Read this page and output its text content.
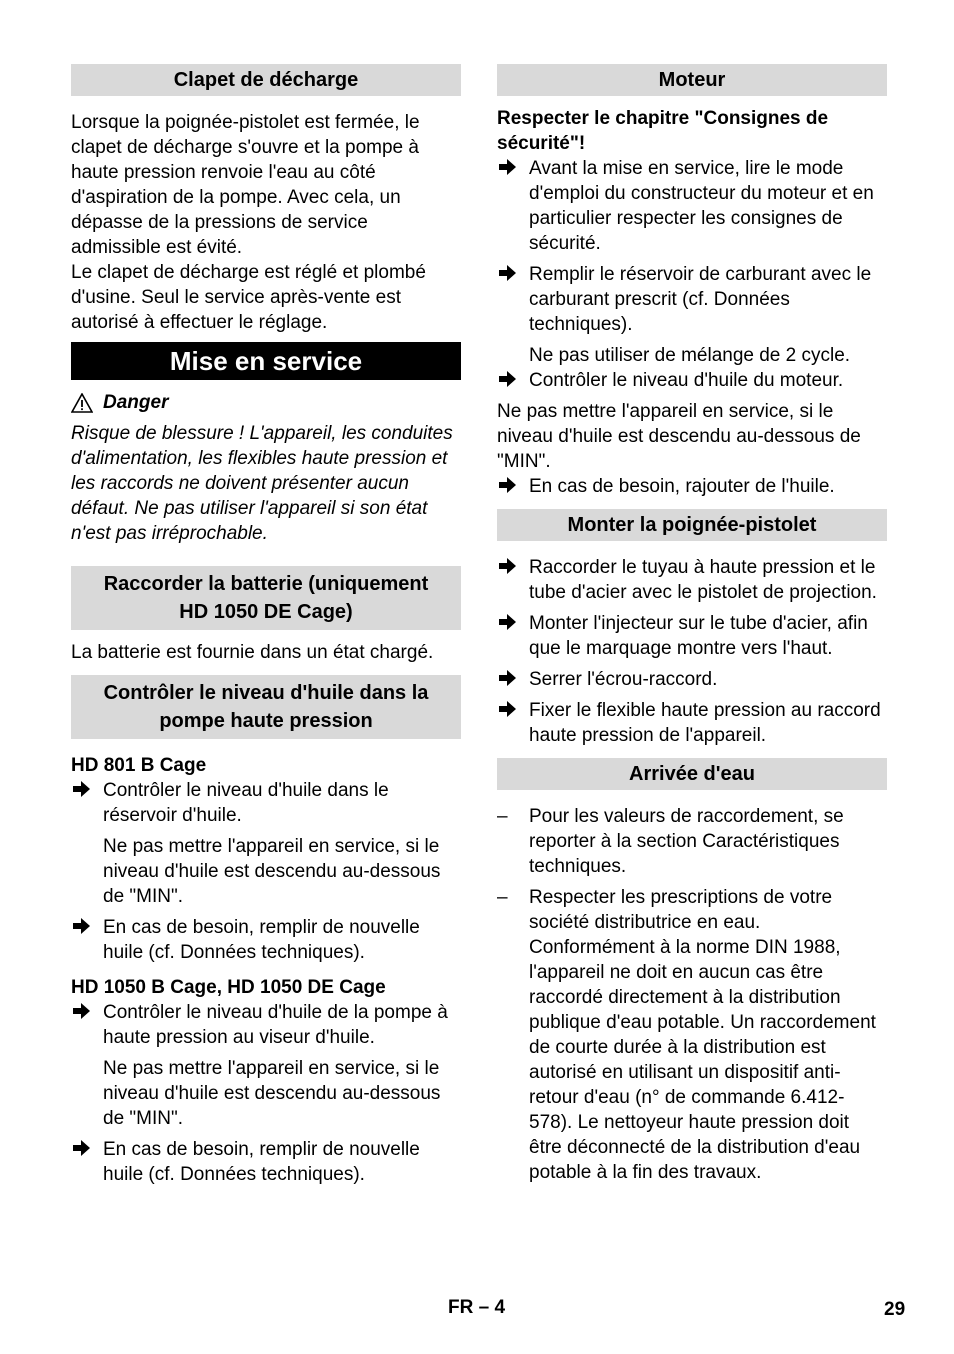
Clapet de décharge

Lorsque la poignée-pistolet est fermée, le clapet de décharge s'ouvre et la pompe à haute pression renvoie l'eau au côté d'aspiration de la pompe. Avec cela, un dépasse de la pressions de service admissible est évité.

Le clapet de décharge est réglé et plombé d'usine. Seul le service après-vente est autorisé à effectuer le réglage.

Mise en service
Danger

Risque de blessure ! L'appareil, les conduites d'alimentation, les flexibles haute pression et les raccords ne doivent présenter aucun défaut. Ne pas utiliser l'appareil si son état n'est pas irréprochable.

Raccorder la batterie (uniquement
HD 1050 DE Cage)

La batterie est fournie dans un état chargé.

Contrôler le niveau d'huile dans la
pompe haute pression
HD 801 B Cage
Contrôler le niveau d'huile dans le réservoir d'huile.

Ne pas mettre l'appareil en service, si le niveau d'huile est descendu au-dessous de "MIN".

En cas de besoin, remplir de nouvelle huile (cf. Données techniques).
HD 1050 B Cage, HD 1050 DE Cage
Contrôler le niveau d'huile de la pompe à haute pression au viseur d'huile.

Ne pas mettre l'appareil en service, si le niveau d'huile est descendu au-dessous de "MIN".

En cas de besoin, remplir de nouvelle huile (cf. Données techniques).
Moteur

Respecter le chapitre "Consignes de sécurité"!

Avant la mise en service, lire le mode d'emploi du constructeur du moteur et en particulier respecter les consignes de sécurité.
Remplir le réservoir de carburant avec le carburant prescrit (cf. Données techniques).

Ne pas utiliser de mélange de 2 cycle.

Contrôler le niveau d'huile du moteur.

Ne pas mettre l'appareil en service, si le niveau d'huile est descendu au-dessous de "MIN".

En cas de besoin, rajouter de l'huile.
Monter la poignée-pistolet
Raccorder le tuyau à haute pression et le tube d'acier avec le pistolet de projection.
Monter l'injecteur sur le tube d'acier, afin que le marquage montre vers l'haut.
Serrer l'écrou-raccord.
Fixer le flexible haute pression au raccord haute pression de l'appareil.
Arrivée d'eau
–	Pour les valeurs de raccordement, se reporter à la section Caractéristiques techniques.
–	Respecter les prescriptions de votre société distributrice en eau. Conformément à la norme DIN 1988, l'appareil ne doit en aucun cas être raccordé directement à la distribution publique d'eau potable. Un raccordement de courte durée à la distribution est autorisé en utilisant un dispositif anti-retour d'eau (n° de commande 6.412-578). Le nettoyeur haute pression doit être déconnecté de la distribution d'eau potable à la fin des travaux.
FR – 4	29
